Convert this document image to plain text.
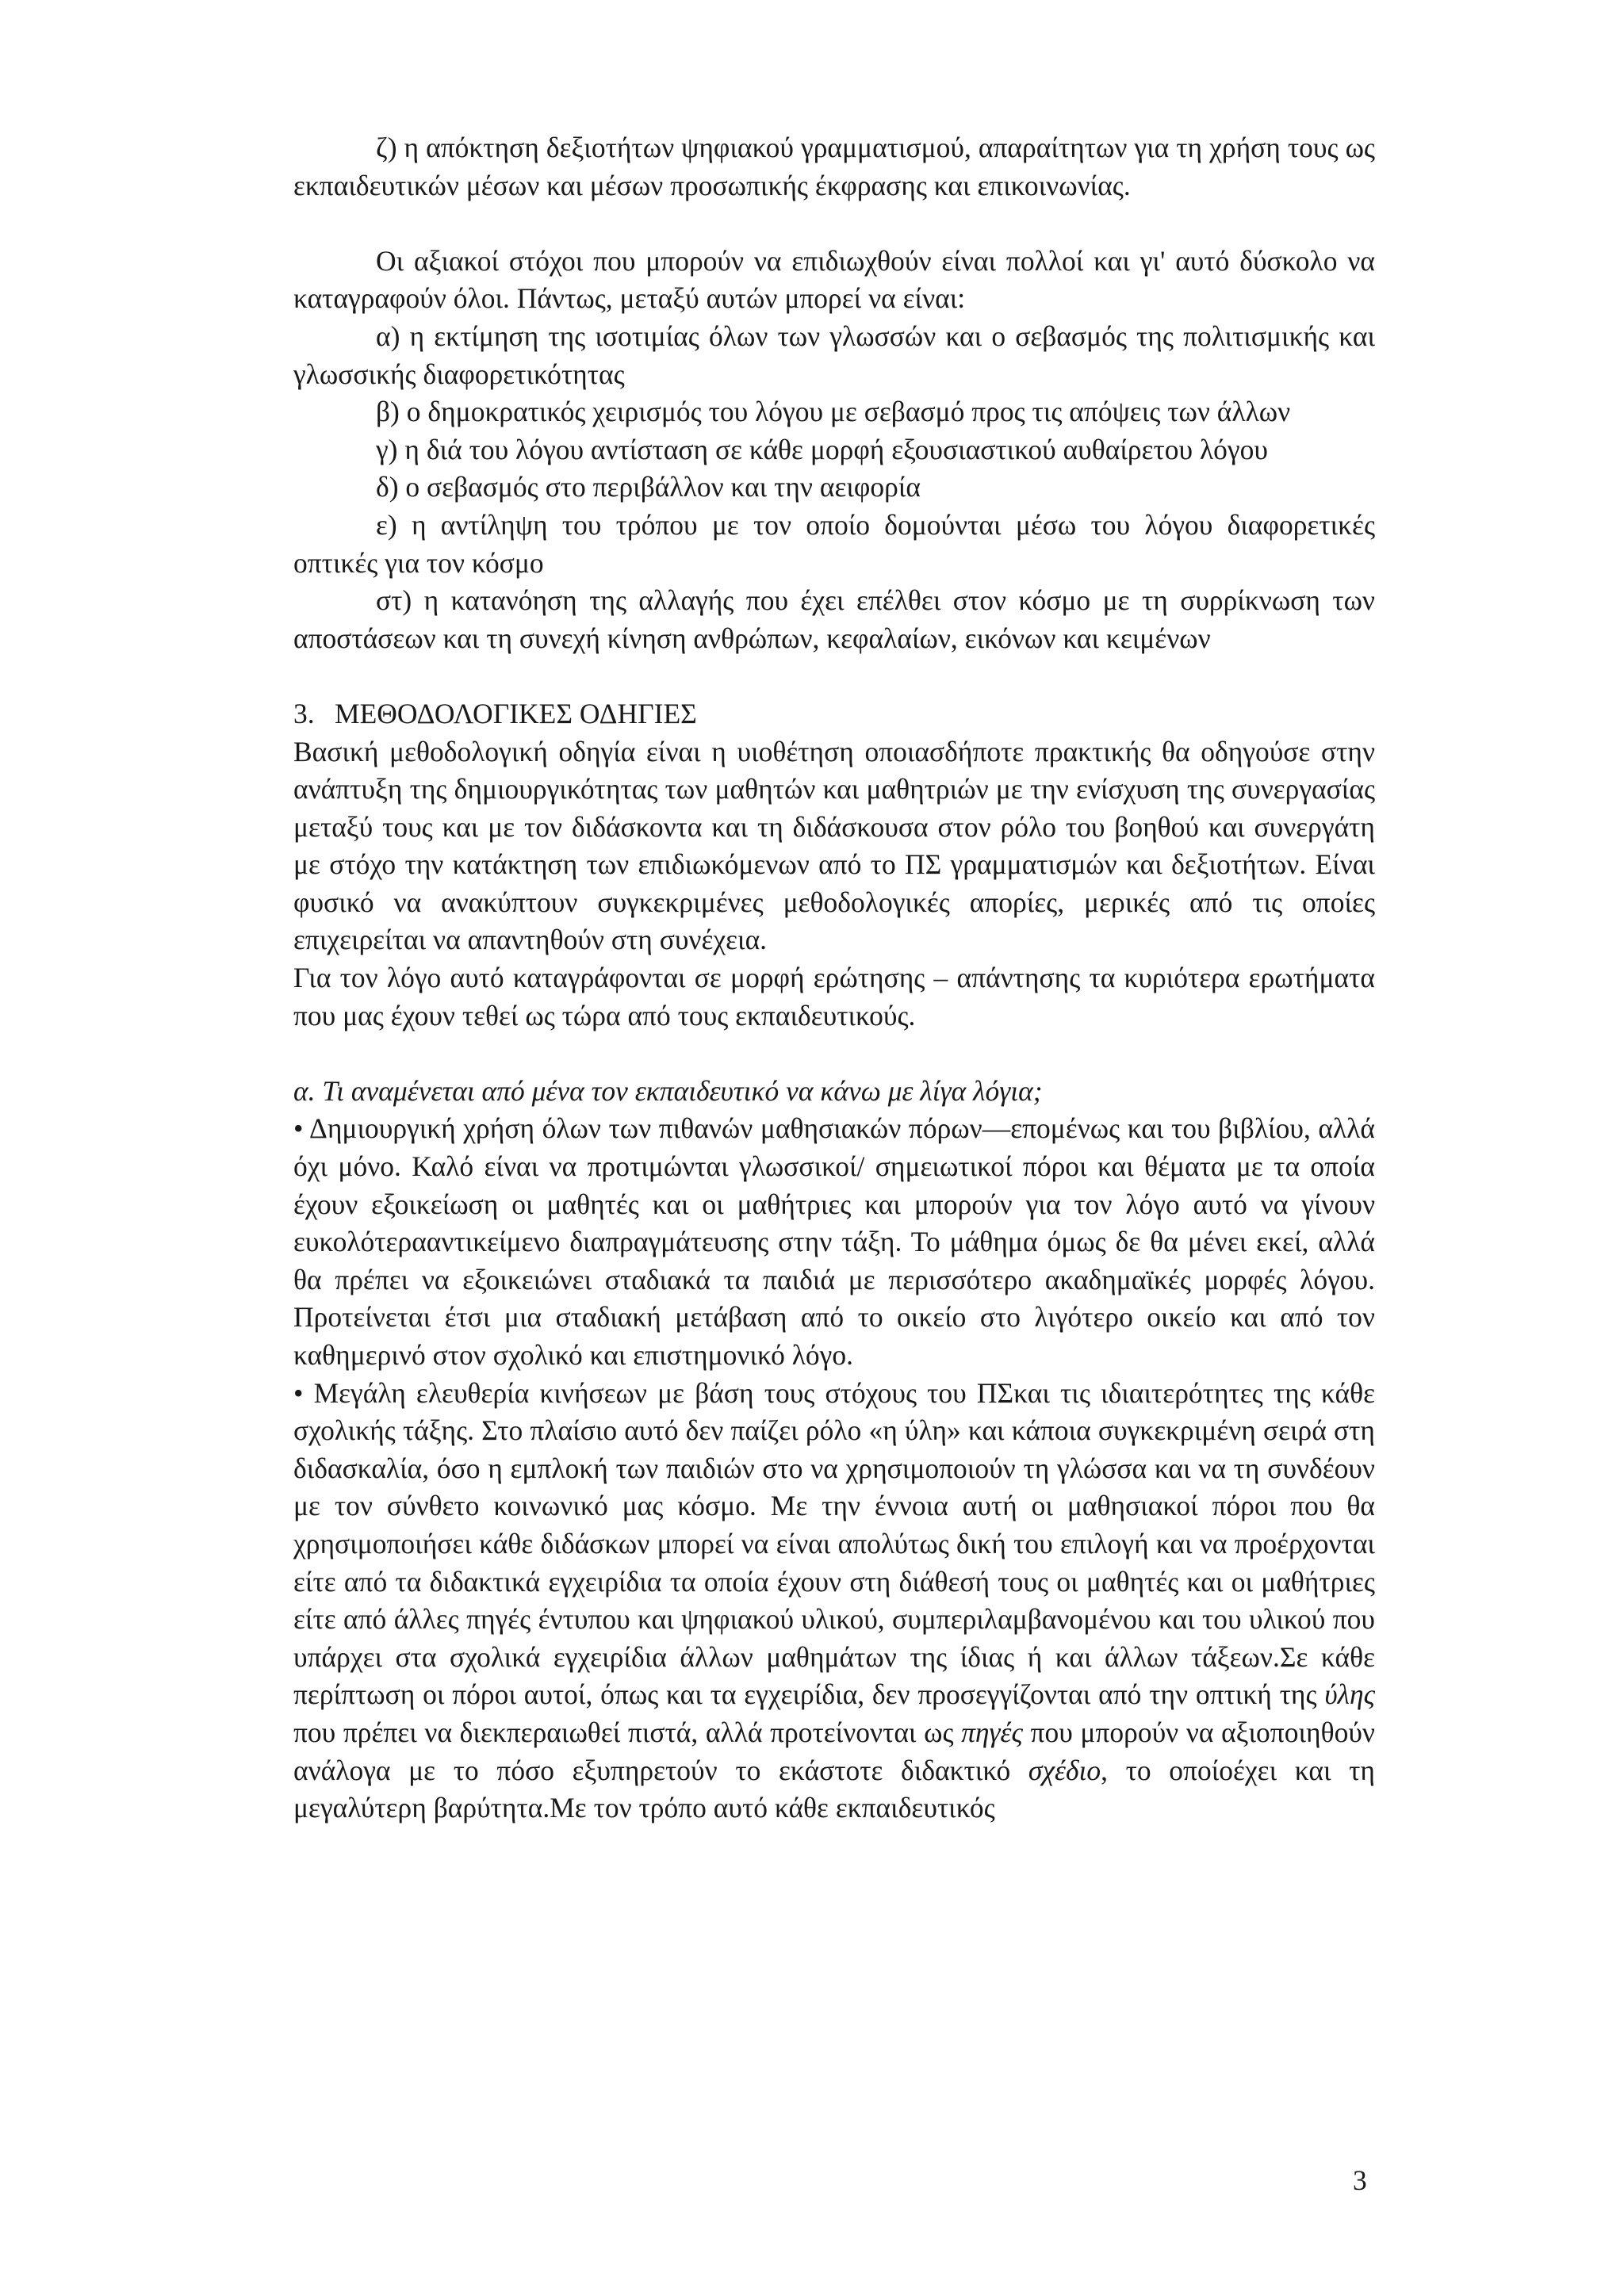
ζ) η απόκτηση δεξιοτήτων ψηφιακού γραμματισμού, απαραίτητων για τη χρήση τους ως εκπαιδευτικών μέσων και μέσων προσωπικής έκφρασης και επικοινωνίας.

Οι αξιακοί στόχοι που μπορούν να επιδιωχθούν είναι πολλοί και γι' αυτό δύσκολο να καταγραφούν όλοι. Πάντως, μεταξύ αυτών μπορεί να είναι:

α) η εκτίμηση της ισοτιμίας όλων των γλωσσών και ο σεβασμός της πολιτισμικής και γλωσσικής διαφορετικότητας

β) ο δημοκρατικός χειρισμός του λόγου με σεβασμό προς τις απόψεις των άλλων

γ) η διά του λόγου αντίσταση σε κάθε μορφή εξουσιαστικού αυθαίρετου λόγου

δ) ο σεβασμός στο περιβάλλον και την αειφορία

ε) η αντίληψη του τρόπου με τον οποίο δομούνται μέσω του λόγου διαφορετικές οπτικές για τον κόσμο

στ) η κατανόηση της αλλαγής που έχει επέλθει στον κόσμο με τη συρρίκνωση των αποστάσεων και τη συνεχή κίνηση ανθρώπων, κεφαλαίων, εικόνων και κειμένων

3. ΜΕΘΟΔΟΛΟΓΙΚΕΣ ΟΔΗΓΙΕΣ

Βασική μεθοδολογική οδηγία είναι η υιοθέτηση οποιασδήποτε πρακτικής θα οδηγούσε στην ανάπτυξη της δημιουργικότητας των μαθητών και μαθητριών με την ενίσχυση της συνεργασίας μεταξύ τους και με τον διδάσκοντα και τη διδάσκουσα στον ρόλο του βοηθού και συνεργάτη με στόχο την κατάκτηση των επιδιωκόμενων από το ΠΣ γραμματισμών και δεξιοτήτων. Είναι φυσικό να ανακύπτουν συγκεκριμένες μεθοδολογικές απορίες, μερικές από τις οποίες επιχειρείται να απαντηθούν στη συνέχεια.

Για τον λόγο αυτό καταγράφονται σε μορφή ερώτησης – απάντησης τα κυριότερα ερωτήματα που μας έχουν τεθεί ως τώρα από τους εκπαιδευτικούς.

α. Τι αναμένεται από μένα τον εκπαιδευτικό να κάνω με λίγα λόγια;

• Δημιουργική χρήση όλων των πιθανών μαθησιακών πόρων—επομένως και του βιβλίου, αλλά όχι μόνο. Καλό είναι να προτιμώνται γλωσσικοί/ σημειωτικοί πόροι και θέματα με τα οποία έχουν εξοικείωση οι μαθητές και οι μαθήτριες και μπορούν για τον λόγο αυτό να γίνουν ευκολότερααντικείμενο διαπραγμάτευσης στην τάξη. Το μάθημα όμως δε θα μένει εκεί, αλλά θα πρέπει να εξοικειώνει σταδιακά τα παιδιά με περισσότερο ακαδημαϊκές μορφές λόγου. Προτείνεται έτσι μια σταδιακή μετάβαση από το οικείο στο λιγότερο οικείο και από τον καθημερινό στον σχολικό και επιστημονικό λόγο.

• Μεγάλη ελευθερία κινήσεων με βάση τους στόχους του ΠΣκαι τις ιδιαιτερότητες της κάθε σχολικής τάξης. Στο πλαίσιο αυτό δεν παίζει ρόλο «η ύλη» και κάποια συγκεκριμένη σειρά στη διδασκαλία, όσο η εμπλοκή των παιδιών στο να χρησιμοποιούν τη γλώσσα και να τη συνδέουν με τον σύνθετο κοινωνικό μας κόσμο. Με την έννοια αυτή οι μαθησιακοί πόροι που θα χρησιμοποιήσει κάθε διδάσκων μπορεί να είναι απολύτως δική του επιλογή και να προέρχονται είτε από τα διδακτικά εγχειρίδια τα οποία έχουν στη διάθεσή τους οι μαθητές και οι μαθήτριες είτε από άλλες πηγές έντυπου και ψηφιακού υλικού, συμπεριλαμβανομένου και του υλικού που υπάρχει στα σχολικά εγχειρίδια άλλων μαθημάτων της ίδιας ή και άλλων τάξεων.Σε κάθε περίπτωση οι πόροι αυτοί, όπως και τα εγχειρίδια, δεν προσεγγίζονται από την οπτική της ύλης που πρέπει να διεκπεραιωθεί πιστά, αλλά προτείνονται ως πηγές που μπορούν να αξιοποιηθούν ανάλογα με το πόσο εξυπηρετούν το εκάστοτε διδακτικό σχέδιο, το οποίοέχει και τη μεγαλύτερη βαρύτητα.Με τον τρόπο αυτό κάθε εκπαιδευτικός

3
